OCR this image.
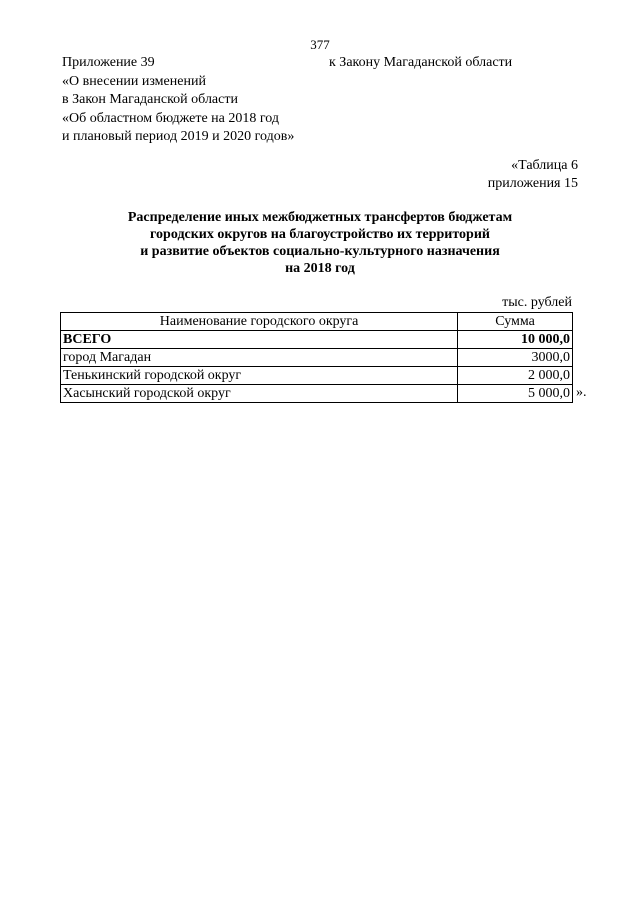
377
Приложение 39
«О внесении изменений
в Закон Магаданской области
«Об областном бюджете на 2018 год
и плановый период 2019 и 2020 годов»
к Закону Магаданской области
«Таблица 6
приложения 15
Распределение иных межбюджетных трансфертов бюджетам
городских округов на благоустройство их территорий
и развитие объектов социально-культурного назначения
на 2018 год
тыс. рублей
Наименование городского округа	Сумма
ВСЕГО	10 000,0
город Магадан	3000,0
Тенькинский городской округ	2 000,0
Хасынский городской округ	5 000,0 ».
